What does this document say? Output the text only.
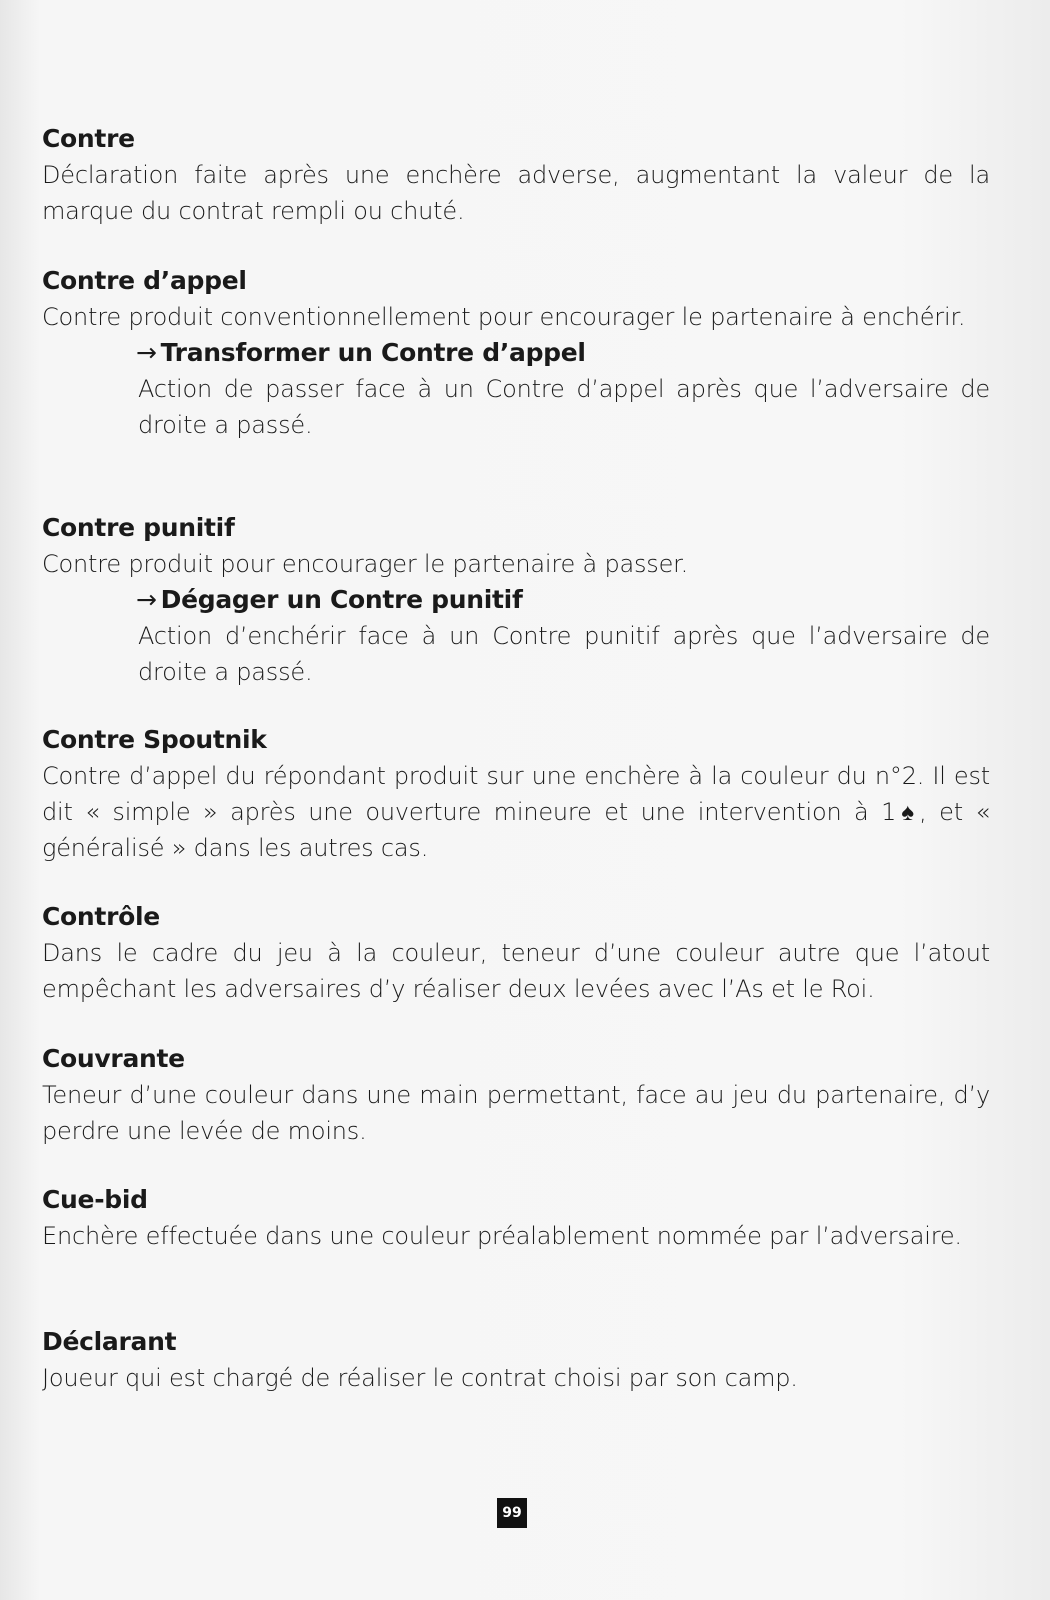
Contre
Déclaration faite après une enchère adverse, augmentant la valeur de la marque du contrat rempli ou chuté.
Contre d’appel
Contre produit conventionnellement pour encourager le partenaire à enchérir.
→ Transformer un Contre d’appel
Action de passer face à un Contre d’appel après que l’adversaire de droite a passé.
Contre punitif
Contre produit pour encourager le partenaire à passer.
→ Dégager un Contre punitif
Action d’enchérir face à un Contre punitif après que l’adversaire de droite a passé.
Contre Spoutnik
Contre d’appel du répondant produit sur une enchère à la couleur du n°2. Il est dit « simple » après une ouverture mineure et une intervention à 1♠, et « généralisé » dans les autres cas.
Contrôle
Dans le cadre du jeu à la couleur, teneur d’une couleur autre que l’atout empêchant les adversaires d’y réaliser deux levées avec l’As et le Roi.
Couvrante
Teneur d’une couleur dans une main permettant, face au jeu du partenaire, d’y perdre une levée de moins.
Cue-bid
Enchère effectuée dans une couleur préalablement nommée par l’adversaire.
Déclarant
Joueur qui est chargé de réaliser le contrat choisi par son camp.
99
